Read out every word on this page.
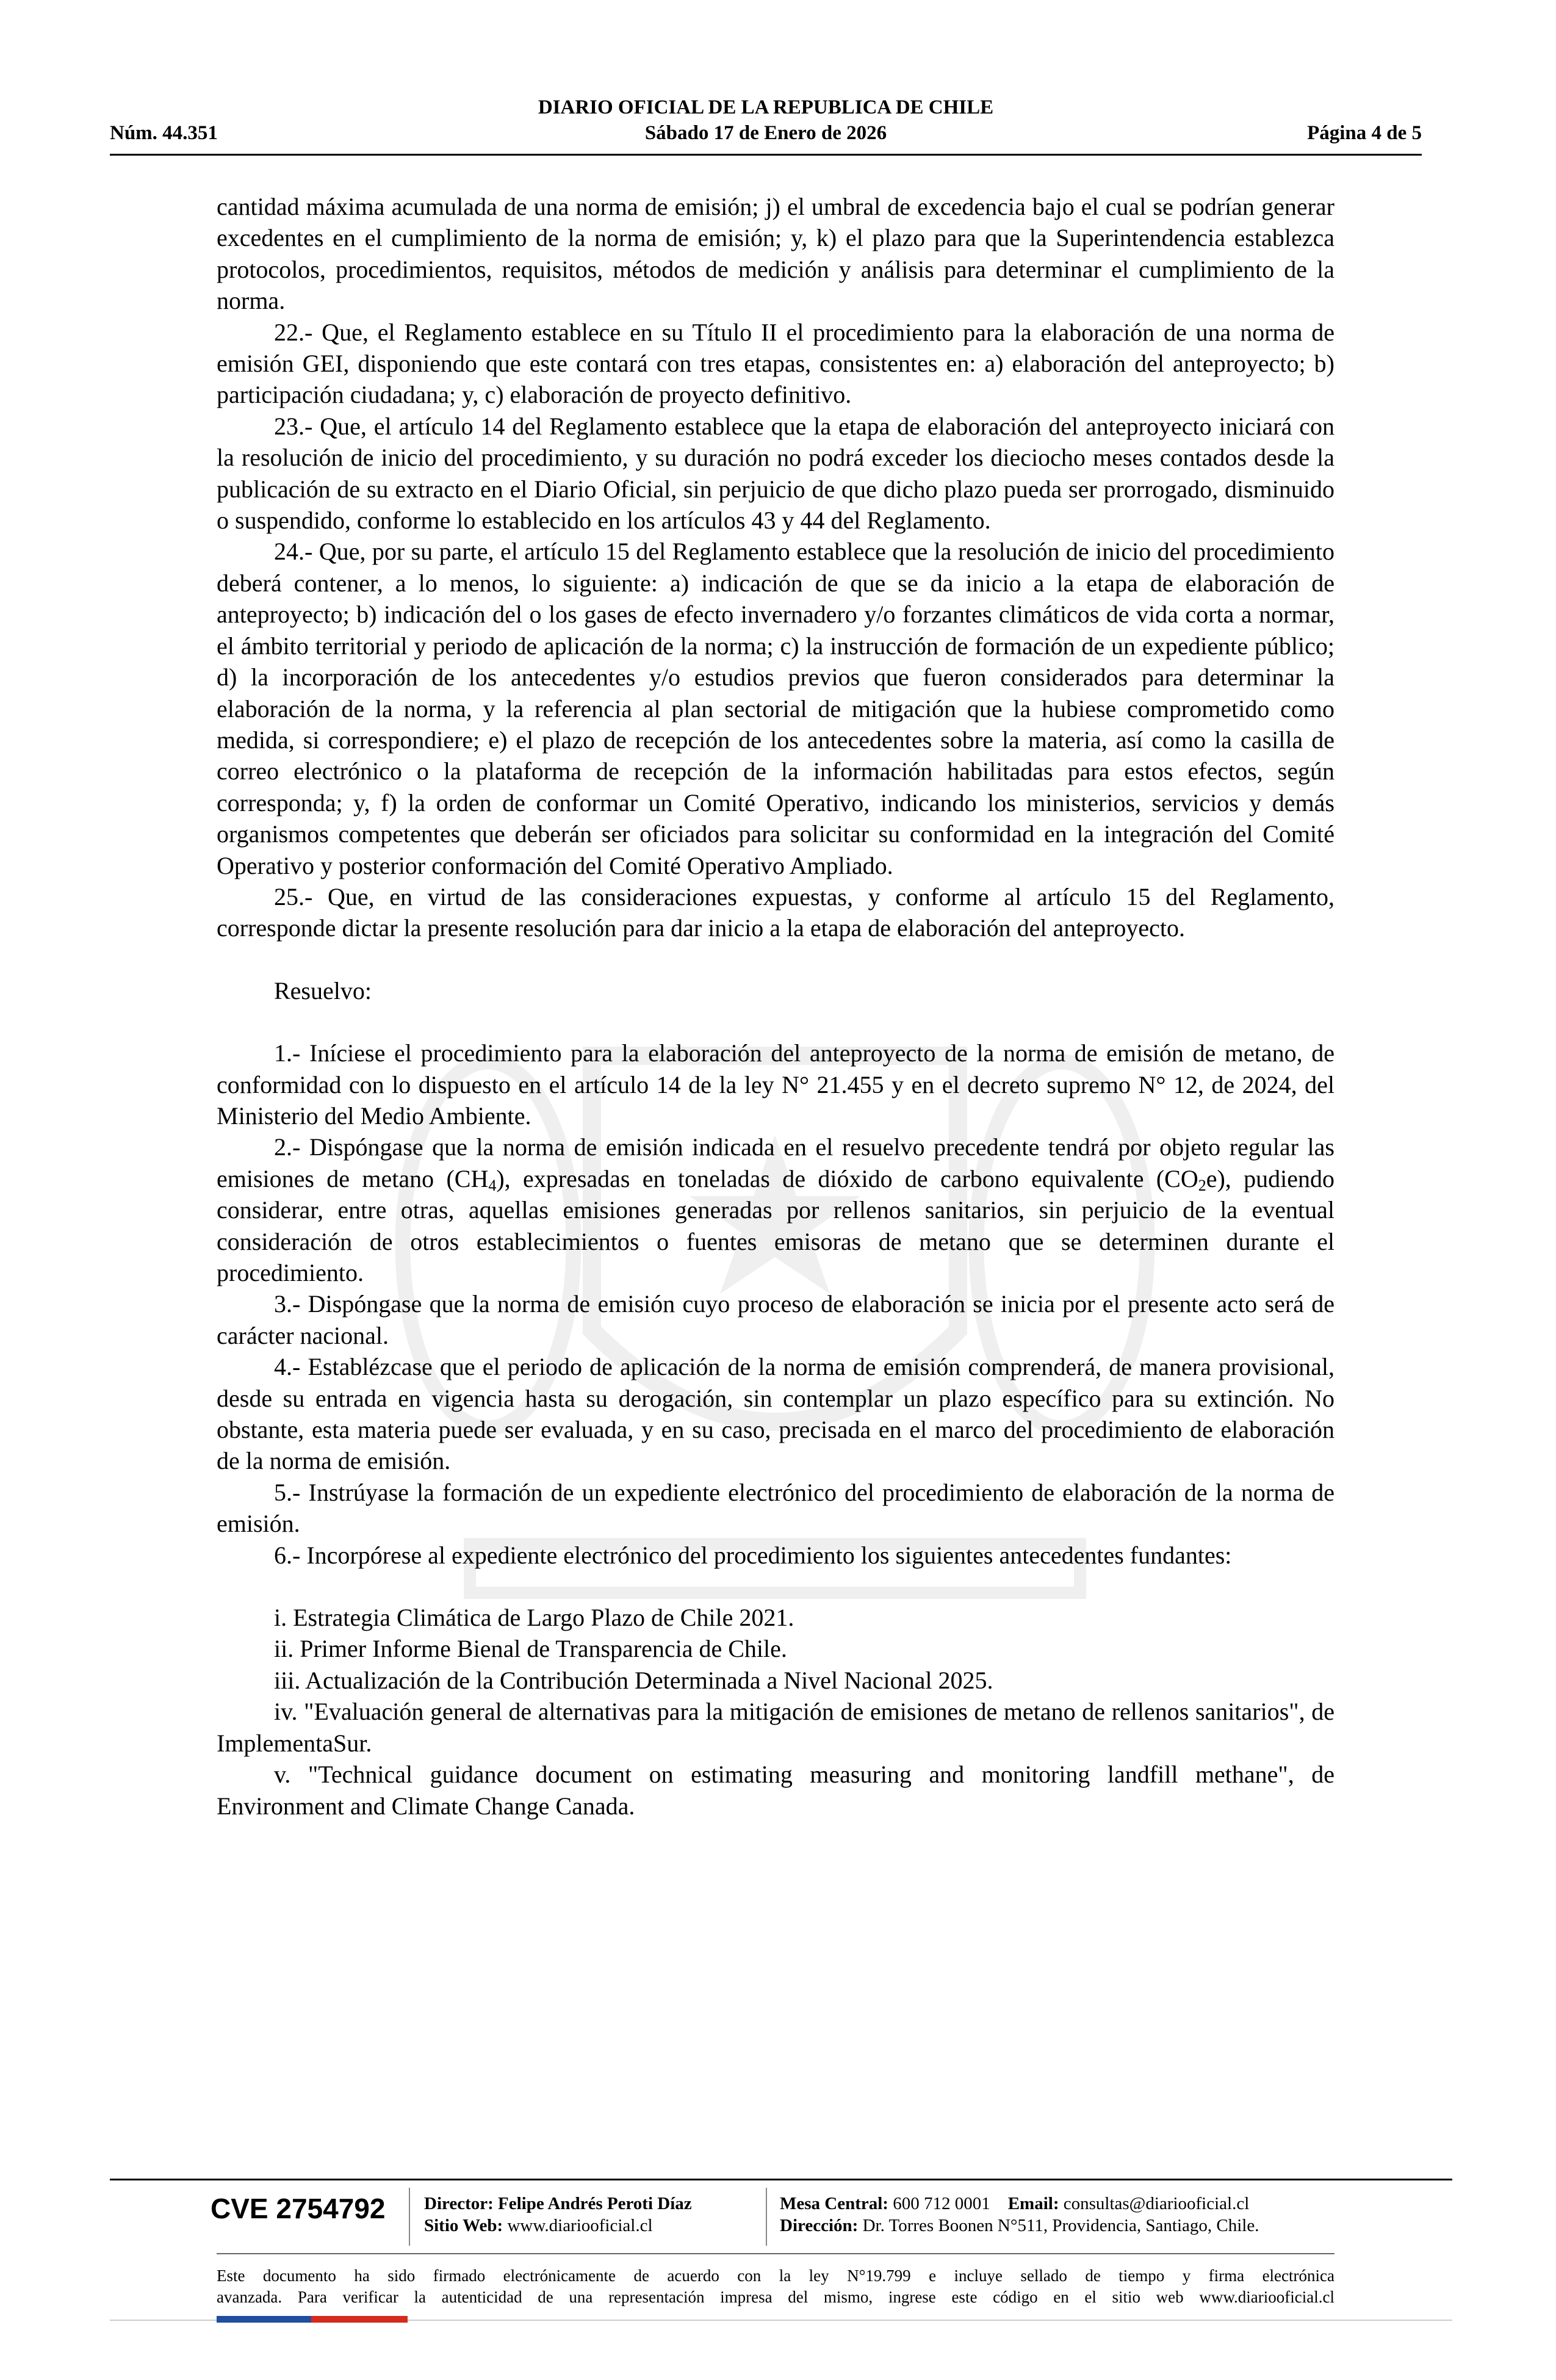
DIARIO OFICIAL DE LA REPUBLICA DE CHILE
Núm. 44.351	Sábado 17 de Enero de 2026	Página 4 de 5

cantidad máxima acumulada de una norma de emisión; j) el umbral de excedencia bajo el cual se podrían generar excedentes en el cumplimiento de la norma de emisión; y, k) el plazo para que la Superintendencia establezca protocolos, procedimientos, requisitos, métodos de medición y análisis para determinar el cumplimiento de la norma.

22.- Que, el Reglamento establece en su Título II el procedimiento para la elaboración de una norma de emisión GEI, disponiendo que este contará con tres etapas, consistentes en: a) elaboración del anteproyecto; b) participación ciudadana; y, c) elaboración de proyecto definitivo.

23.- Que, el artículo 14 del Reglamento establece que la etapa de elaboración del anteproyecto iniciará con la resolución de inicio del procedimiento, y su duración no podrá exceder los dieciocho meses contados desde la publicación de su extracto en el Diario Oficial, sin perjuicio de que dicho plazo pueda ser prorrogado, disminuido o suspendido, conforme lo establecido en los artículos 43 y 44 del Reglamento.

24.- Que, por su parte, el artículo 15 del Reglamento establece que la resolución de inicio del procedimiento deberá contener, a lo menos, lo siguiente: a) indicación de que se da inicio a la etapa de elaboración de anteproyecto; b) indicación del o los gases de efecto invernadero y/o forzantes climáticos de vida corta a normar, el ámbito territorial y periodo de aplicación de la norma; c) la instrucción de formación de un expediente público; d) la incorporación de los antecedentes y/o estudios previos que fueron considerados para determinar la elaboración de la norma, y la referencia al plan sectorial de mitigación que la hubiese comprometido como medida, si correspondiere; e) el plazo de recepción de los antecedentes sobre la materia, así como la casilla de correo electrónico o la plataforma de recepción de la información habilitadas para estos efectos, según corresponda; y, f) la orden de conformar un Comité Operativo, indicando los ministerios, servicios y demás organismos competentes que deberán ser oficiados para solicitar su conformidad en la integración del Comité Operativo y posterior conformación del Comité Operativo Ampliado.

25.- Que, en virtud de las consideraciones expuestas, y conforme al artículo 15 del Reglamento, corresponde dictar la presente resolución para dar inicio a la etapa de elaboración del anteproyecto.

Resuelvo:

1.- Iníciese el procedimiento para la elaboración del anteproyecto de la norma de emisión de metano, de conformidad con lo dispuesto en el artículo 14 de la ley N° 21.455 y en el decreto supremo N° 12, de 2024, del Ministerio del Medio Ambiente.

2.- Dispóngase que la norma de emisión indicada en el resuelvo precedente tendrá por objeto regular las emisiones de metano $(CH_4)$, expresadas en toneladas de dióxido de carbono equivalente $(CO_2e)$, pudiendo considerar, entre otras, aquellas emisiones generadas por rellenos sanitarios, sin perjuicio de la eventual consideración de otros establecimientos o fuentes emisoras de metano que se determinen durante el procedimiento.

3.- Dispóngase que la norma de emisión cuyo proceso de elaboración se inicia por el presente acto será de carácter nacional.

4.- Establézcase que el periodo de aplicación de la norma de emisión comprenderá, de manera provisional, desde su entrada en vigencia hasta su derogación, sin contemplar un plazo específico para su extinción. No obstante, esta materia puede ser evaluada, y en su caso, precisada en el marco del procedimiento de elaboración de la norma de emisión.

5.- Instrúyase la formación de un expediente electrónico del procedimiento de elaboración de la norma de emisión.

6.- Incorpórese al expediente electrónico del procedimiento los siguientes antecedentes fundantes:

i. Estrategia Climática de Largo Plazo de Chile 2021.

ii. Primer Informe Bienal de Transparencia de Chile.

iii. Actualización de la Contribución Determinada a Nivel Nacional 2025.

iv. "Evaluación general de alternativas para la mitigación de emisiones de metano de rellenos sanitarios", de ImplementaSur.

v. "Technical guidance document on estimating measuring and monitoring landfill methane", de Environment and Climate Change Canada.

CVE 2754792 Director: Felipe Andrés Peroti Díaz
Sitio Web: www.diariooficial.cl
Mesa Central: 600 712 0001 Email: consultas@diariooficial.cl
Dirección: Dr. Torres Boonen N°511, Providencia, Santiago, Chile.
Este documento ha sido firmado electrónicamente de acuerdo con la ley N°19.799 e incluye sellado de tiempo y firma electrónica
avanzada. Para verificar la autenticidad de una representación impresa del mismo, ingrese este código en el sitio web www.diariooficial.cl
